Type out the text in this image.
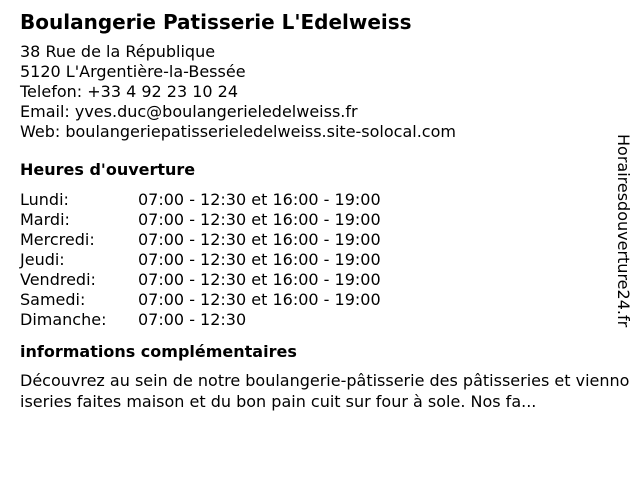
Boulangerie Patisserie L'Edelweiss
38 Rue de la République
5120 L'Argentière-la-Bessée
Telefon: +33 4 92 23 10 24
Email: yves.duc@boulangerieledelweiss.fr
Web: boulangeriepatisserieledelweiss.site-solocal.com
Heures d'ouverture
Lundi:	07:00 - 12:30 et 16:00 - 19:00
Mardi:	07:00 - 12:30 et 16:00 - 19:00
Mercredi:	07:00 - 12:30 et 16:00 - 19:00
Jeudi:	07:00 - 12:30 et 16:00 - 19:00
Vendredi:	07:00 - 12:30 et 16:00 - 19:00
Samedi:	07:00 - 12:30 et 16:00 - 19:00
Dimanche:	07:00 - 12:30
informations complémentaires
Découvrez au sein de notre boulangerie-pâtisserie des pâtisseries et viennoiseries faites maison et du bon pain cuit sur four à sole. Nos fa...
Horairesdouverture24.fr
